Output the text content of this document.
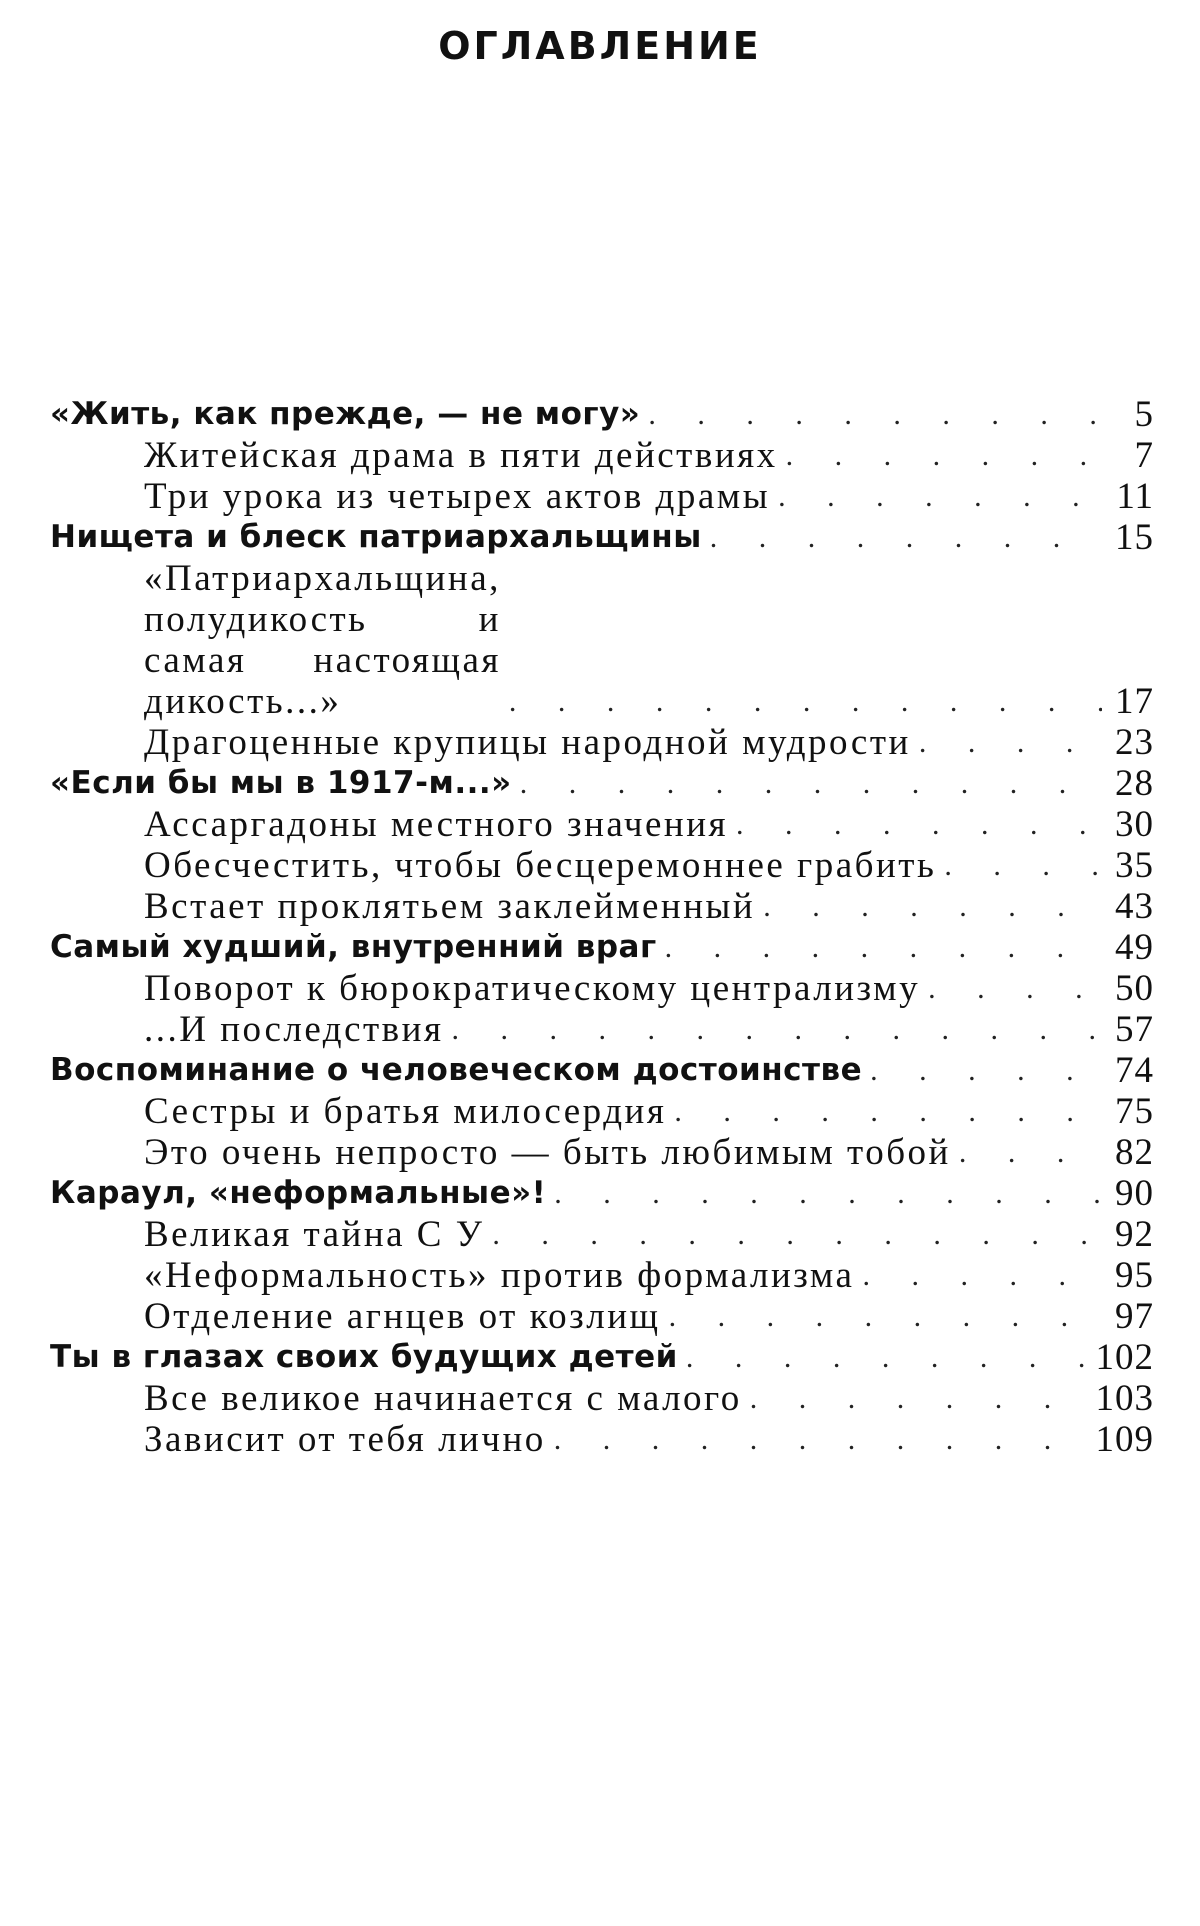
ОГЛАВЛЕНИЕ
«Жить, как прежде, — не могу» . . .	5
Житейская драма в пяти действиях . . .	7
Три урока из четырех актов драмы . . .	11
Нищета и блеск патриархальщины . . .	15
«Патриархальщина, полудикость и самая настоящая дикость...» . . .	17
Драгоценные крупицы народной мудрости . . .	23
«Если бы мы в 1917-м...» . . .	28
Ассаргадоны местного значения . . .	30
Обесчестить, чтобы бесцеремоннее грабить . . .	35
Встает проклятьем заклейменный . . .	43
Самый худший, внутренний враг . . .	49
Поворот к бюрократическому централизму . . .	50
...И последствия . . .	57
Воспоминание о человеческом достоинстве . . .	74
Сестры и братья милосердия . . .	75
Это очень непросто — быть любимым тобой . . .	82
Караул, «неформальные»! . . .	90
Великая тайна С У . . .	92
«Неформальность» против формализма . . .	95
Отделение агнцев от козлищ . . .	97
Ты в глазах своих будущих детей . . .	102
Все великое начинается с малого . . .	103
Зависит от тебя лично . . .	109
